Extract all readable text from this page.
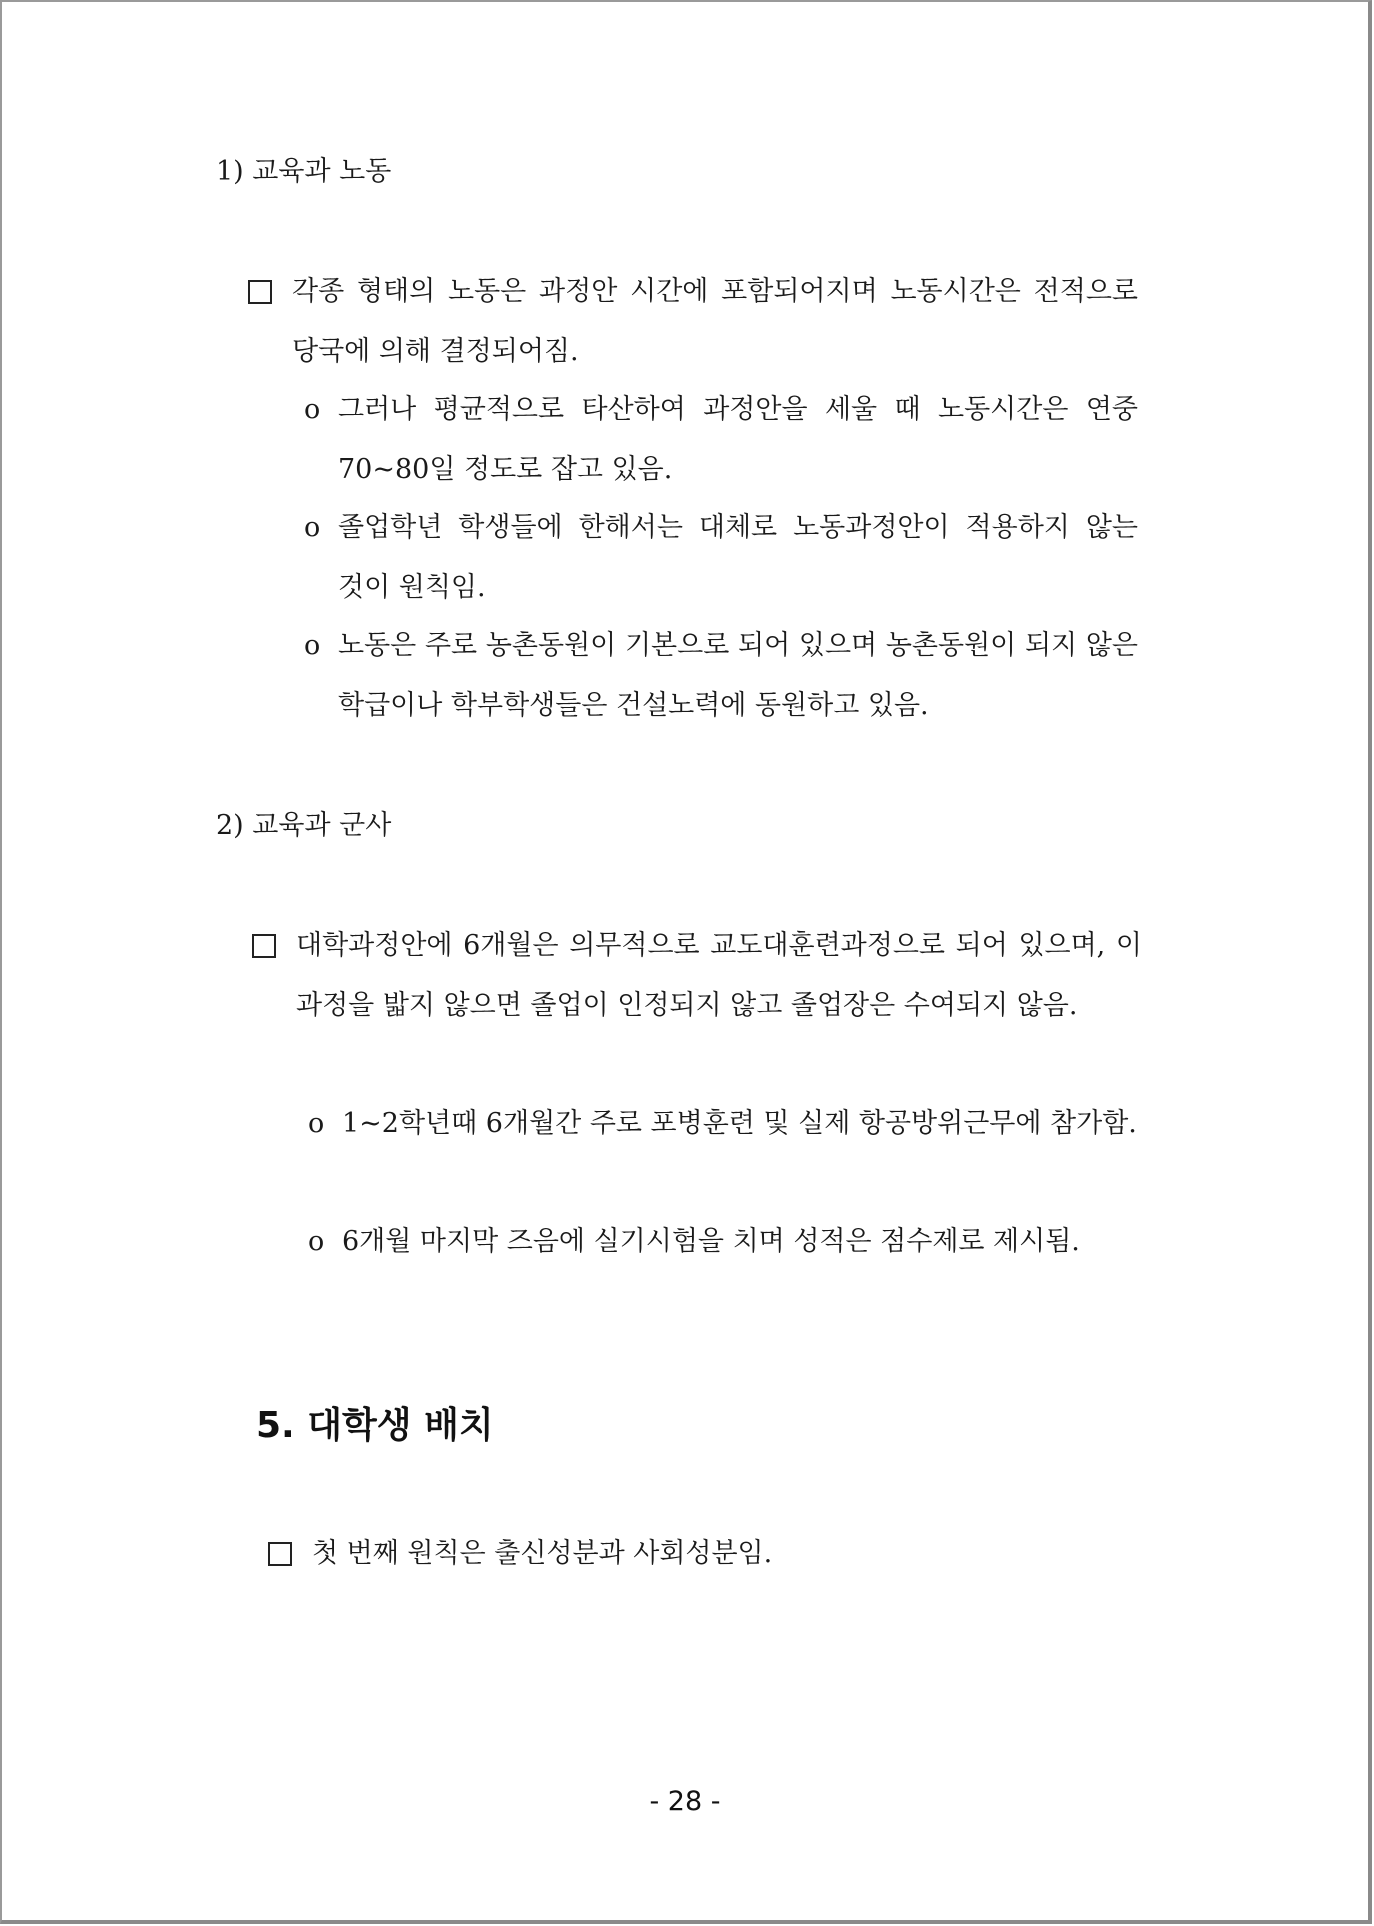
1) 교육과 노동
각종 형태의 노동은 과정안 시간에 포함되어지며 노동시간은 전적으로 당국에 의해 결정되어짐.
o 그러나 평균적으로 타산하여 과정안을 세울 때 노동시간은 연중 70~80일 정도로 잡고 있음.
o 졸업학년 학생들에 한해서는 대체로 노동과정안이 적용하지 않는 것이 원칙임.
o 노동은 주로 농촌동원이 기본으로 되어 있으며 농촌동원이 되지 않은 학급이나 학부학생들은 건설노력에 동원하고 있음.
2) 교육과 군사
대학과정안에 6개월은 의무적으로 교도대훈련과정으로 되어 있으며, 이 과정을 밟지 않으면 졸업이 인정되지 않고 졸업장은 수여되지 않음.
o 1~2학년때 6개월간 주로 포병훈련 및 실제 항공방위근무에 참가함.
o 6개월 마지막 즈음에 실기시험을 치며 성적은 점수제로 제시됨.
5. 대학생 배치
첫 번째 원칙은 출신성분과 사회성분임.
- 28 -
